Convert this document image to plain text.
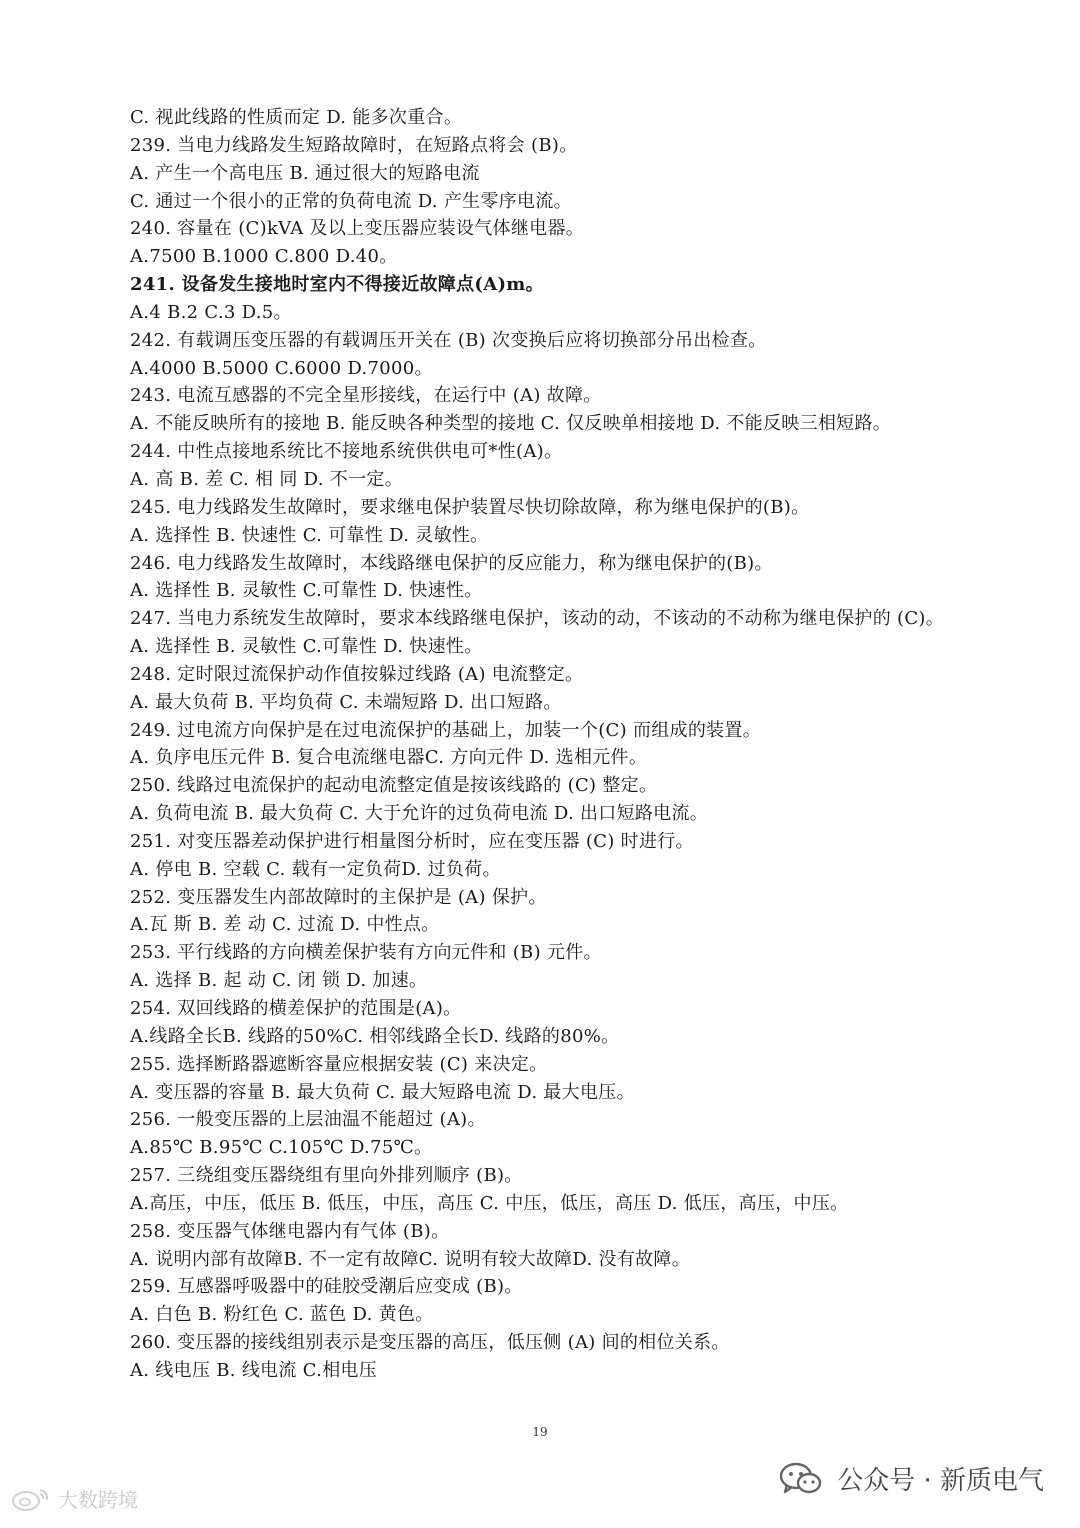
C. 视此线路的性质而定 D. 能多次重合。
239. 当电力线路发生短路故障时，在短路点将会 (B)。
A. 产生一个高电压 B. 通过很大的短路电流
C. 通过一个很小的正常的负荷电流 D. 产生零序电流。
240. 容量在 (C)kVA 及以上变压器应装设气体继电器。
A.7500 B.1000 C.800 D.40。
241. 设备发生接地时室内不得接近故障点(A)m。
A.4 B.2 C.3 D.5。
242. 有载调压变压器的有载调压开关在 (B) 次变换后应将切换部分吊出检查。
A.4000 B.5000 C.6000 D.7000。
243. 电流互感器的不完全星形接线，在运行中 (A) 故障。
A. 不能反映所有的接地 B. 能反映各种类型的接地 C. 仅反映单相接地 D. 不能反映三相短路。
244. 中性点接地系统比不接地系统供供电可*性(A)。
A. 高 B. 差 C. 相 同 D. 不一定。
245. 电力线路发生故障时，要求继电保护装置尽快切除故障，称为继电保护的(B)。
A. 选择性 B. 快速性 C. 可靠性 D. 灵敏性。
246. 电力线路发生故障时，本线路继电保护的反应能力，称为继电保护的(B)。
A. 选择性 B. 灵敏性 C.可靠性 D. 快速性。
247. 当电力系统发生故障时，要求本线路继电保护，该动的动，不该动的不动称为继电保护的 (C)。
A. 选择性 B. 灵敏性 C.可靠性 D. 快速性。
248. 定时限过流保护动作值按躲过线路 (A) 电流整定。
A. 最大负荷 B. 平均负荷 C. 未端短路 D. 出口短路。
249. 过电流方向保护是在过电流保护的基础上，加装一个(C) 而组成的装置。
A. 负序电压元件 B. 复合电流继电器C. 方向元件 D. 选相元件。
250. 线路过电流保护的起动电流整定值是按该线路的 (C) 整定。
A. 负荷电流 B. 最大负荷 C. 大于允许的过负荷电流 D. 出口短路电流。
251. 对变压器差动保护进行相量图分析时，应在变压器 (C) 时进行。
A. 停电 B. 空载 C. 载有一定负荷D. 过负荷。
252. 变压器发生内部故障时的主保护是 (A) 保护。
A.瓦 斯 B. 差 动 C. 过流 D. 中性点。
253. 平行线路的方向横差保护装有方向元件和 (B) 元件。
A. 选择 B. 起 动 C. 闭 锁 D. 加速。
254. 双回线路的横差保护的范围是(A)。
A.线路全长B. 线路的50%C. 相邻线路全长D. 线路的80%。
255. 选择断路器遮断容量应根据安装 (C) 来决定。
A. 变压器的容量 B. 最大负荷 C. 最大短路电流 D. 最大电压。
256. 一般变压器的上层油温不能超过 (A)。
A.85℃ B.95℃ C.105℃ D.75℃。
257. 三绕组变压器绕组有里向外排列顺序 (B)。
A.高压，中压，低压 B. 低压，中压，高压 C. 中压，低压，高压 D. 低压，高压，中压。
258. 变压器气体继电器内有气体 (B)。
A. 说明内部有故障B. 不一定有故障C. 说明有较大故障D. 没有故障。
259. 互感器呼吸器中的硅胶受潮后应变成 (B)。
A. 白色 B. 粉红色 C. 蓝色 D. 黄色。
260. 变压器的接线组别表示是变压器的高压，低压侧 (A) 间的相位关系。
A. 线电压 B. 线电流 C.相电压
19
公众号 · 新质电气
大数跨境
